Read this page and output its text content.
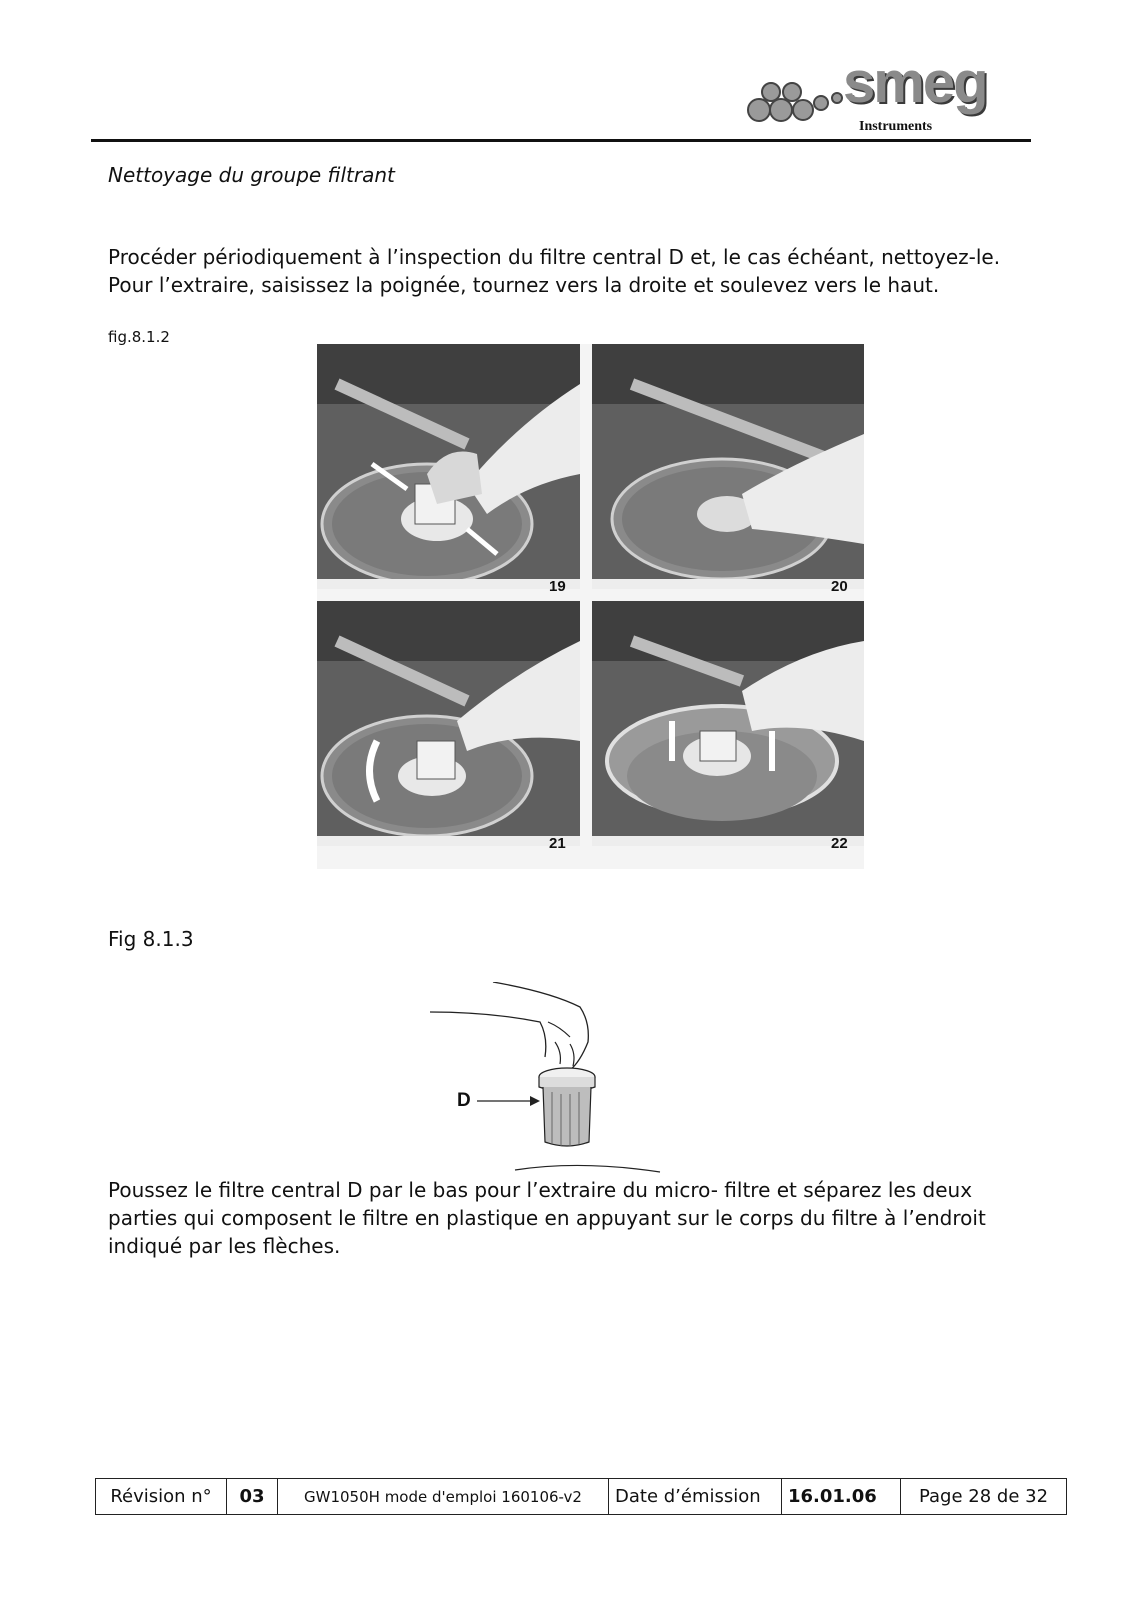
smeg
Instruments
Nettoyage du groupe filtrant

Procéder périodiquement à l’inspection du filtre central D et, le cas échéant, nettoyez-le.

Pour l’extraire, saisissez la poignée, tournez vers la droite et soulevez vers le haut.

fig.8.1.2
19	20
21	22
Fig 8.1.3
D

Poussez le filtre central D par le bas pour l’extraire du micro- filtre et séparez les deux

parties qui composent le filtre en plastique en appuyant sur le corps du filtre à l’endroit

indiqué par les flèches.

Révision n°	03	GW1050H mode d'emploi 160106-v2	Date d’émission	16.01.06	Page 28 de 32
